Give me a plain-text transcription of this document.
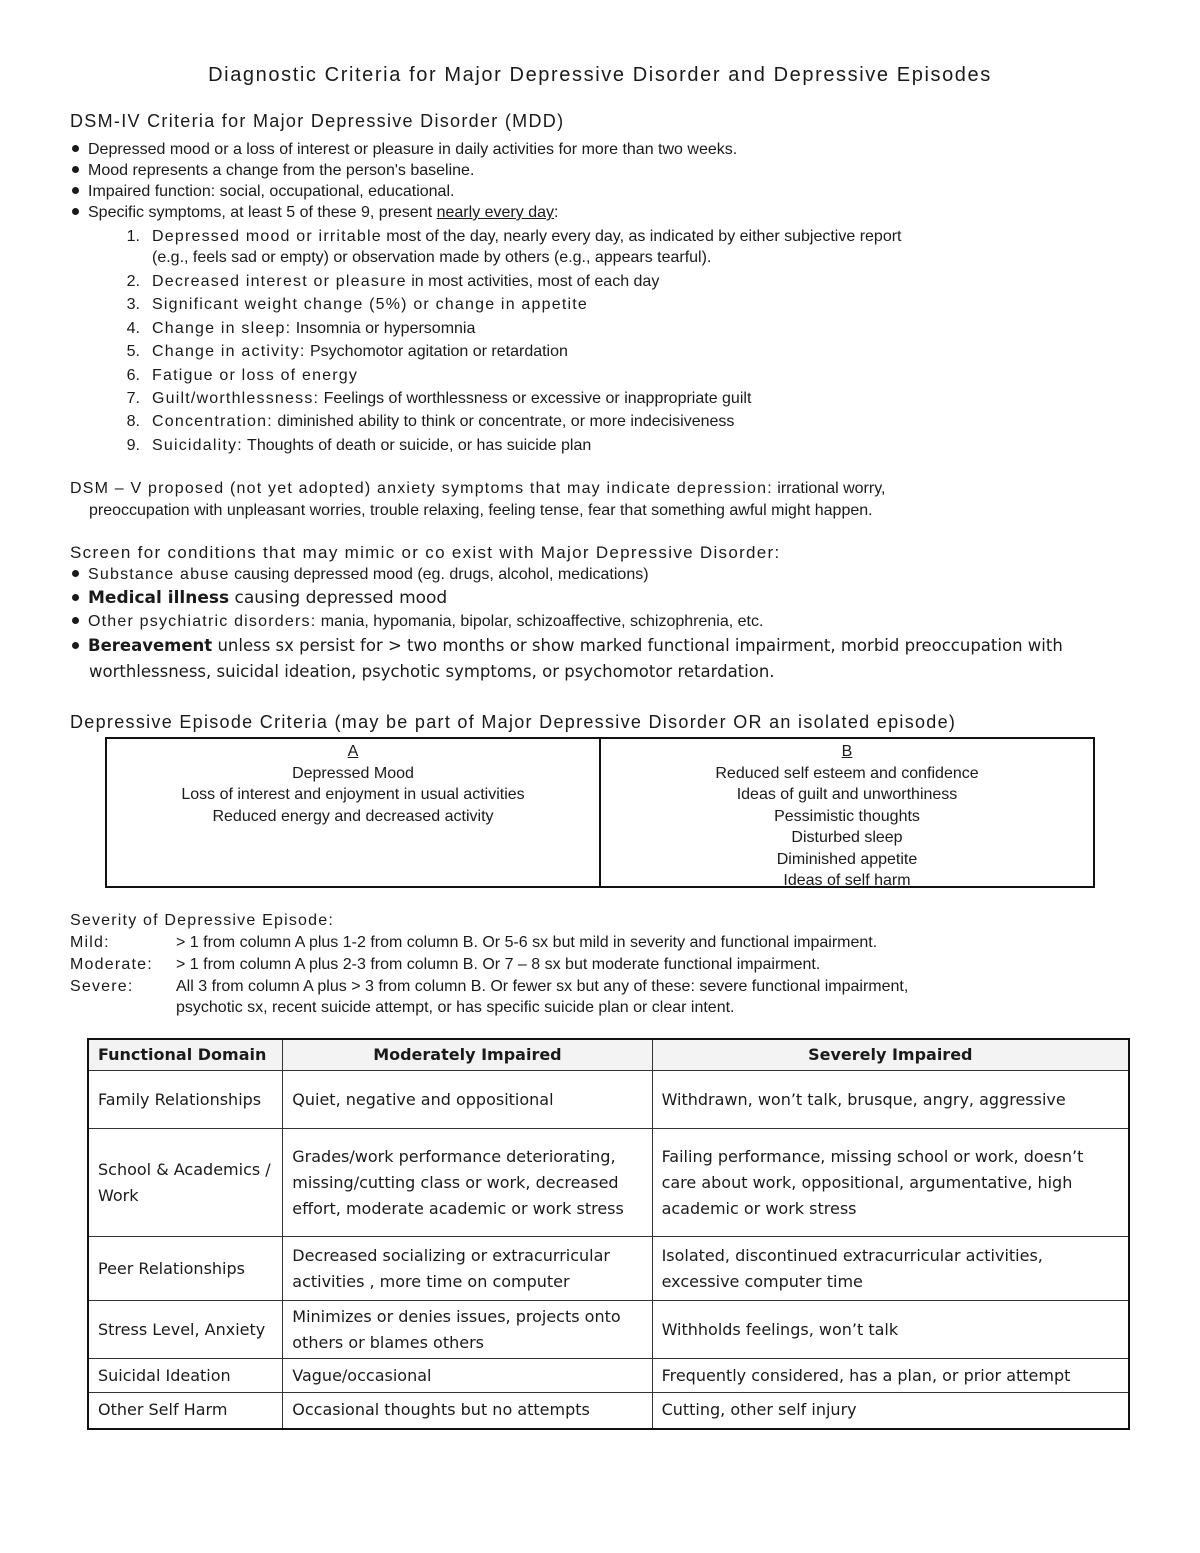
Diagnostic Criteria for Major Depressive Disorder and Depressive Episodes
DSM-IV Criteria for Major Depressive Disorder (MDD)
Depressed mood or a loss of interest or pleasure in daily activities for more than two weeks.
Mood represents a change from the person's baseline.
Impaired function: social, occupational, educational.
Specific symptoms, at least 5 of these 9, present nearly every day:
1. Depressed mood or irritable most of the day, nearly every day, as indicated by either subjective report
(e.g., feels sad or empty) or observation made by others (e.g., appears tearful).
2. Decreased interest or pleasure in most activities, most of each day
3. Significant weight change (5%) or change in appetite
4. Change in sleep: Insomnia or hypersomnia
5. Change in activity: Psychomotor agitation or retardation
6. Fatigue or loss of energy
7. Guilt/worthlessness: Feelings of worthlessness or excessive or inappropriate guilt
8. Concentration: diminished ability to think or concentrate, or more indecisiveness
9. Suicidality: Thoughts of death or suicide, or has suicide plan
DSM – V proposed (not yet adopted) anxiety symptoms that may indicate depression: irrational worry,
preoccupation with unpleasant worries, trouble relaxing, feeling tense, fear that something awful might happen.
Screen for conditions that may mimic or co exist with Major Depressive Disorder:
Substance abuse causing depressed mood (eg. drugs, alcohol, medications)
Medical illness causing depressed mood
Other psychiatric disorders: mania, hypomania, bipolar, schizoaffective, schizophrenia, etc.
Bereavement unless sx persist for > two months or show marked functional impairment, morbid preoccupation with
worthlessness, suicidal ideation, psychotic symptoms, or psychomotor retardation.
Depressive Episode Criteria (may be part of Major Depressive Disorder OR an isolated episode)
A
Depressed Mood
Loss of interest and enjoyment in usual activities
Reduced energy and decreased activity
B
Reduced self esteem and confidence
Ideas of guilt and unworthiness
Pessimistic thoughts
Disturbed sleep
Diminished appetite
Ideas of self harm
Severity of Depressive Episode:
Mild:	> 1 from column A plus 1-2 from column B. Or 5-6 sx but mild in severity and functional impairment.
Moderate: > 1 from column A plus 2-3 from column B. Or 7 – 8 sx but moderate functional impairment.
Severe:	All 3 from column A plus > 3 from column B. Or fewer sx but any of these: severe functional impairment,
psychotic sx, recent suicide attempt, or has specific suicide plan or clear intent.
Functional Domain	Moderately Impaired	Severely Impaired
Family Relationships	Quiet, negative and oppositional	Withdrawn, won’t talk, brusque, angry, aggressive
School & Academics / Work	Grades/work performance deteriorating, missing/cutting class or work, decreased effort, moderate academic or work stress	Failing performance, missing school or work, doesn’t care about work, oppositional, argumentative, high academic or work stress
Peer Relationships	Decreased socializing or extracurricular activities , more time on computer	Isolated, discontinued extracurricular activities, excessive computer time
Stress Level, Anxiety	Minimizes or denies issues, projects onto others or blames others	Withholds feelings, won’t talk
Suicidal Ideation	Vague/occasional	Frequently considered, has a plan, or prior attempt
Other Self Harm	Occasional thoughts but no attempts	Cutting, other self injury
